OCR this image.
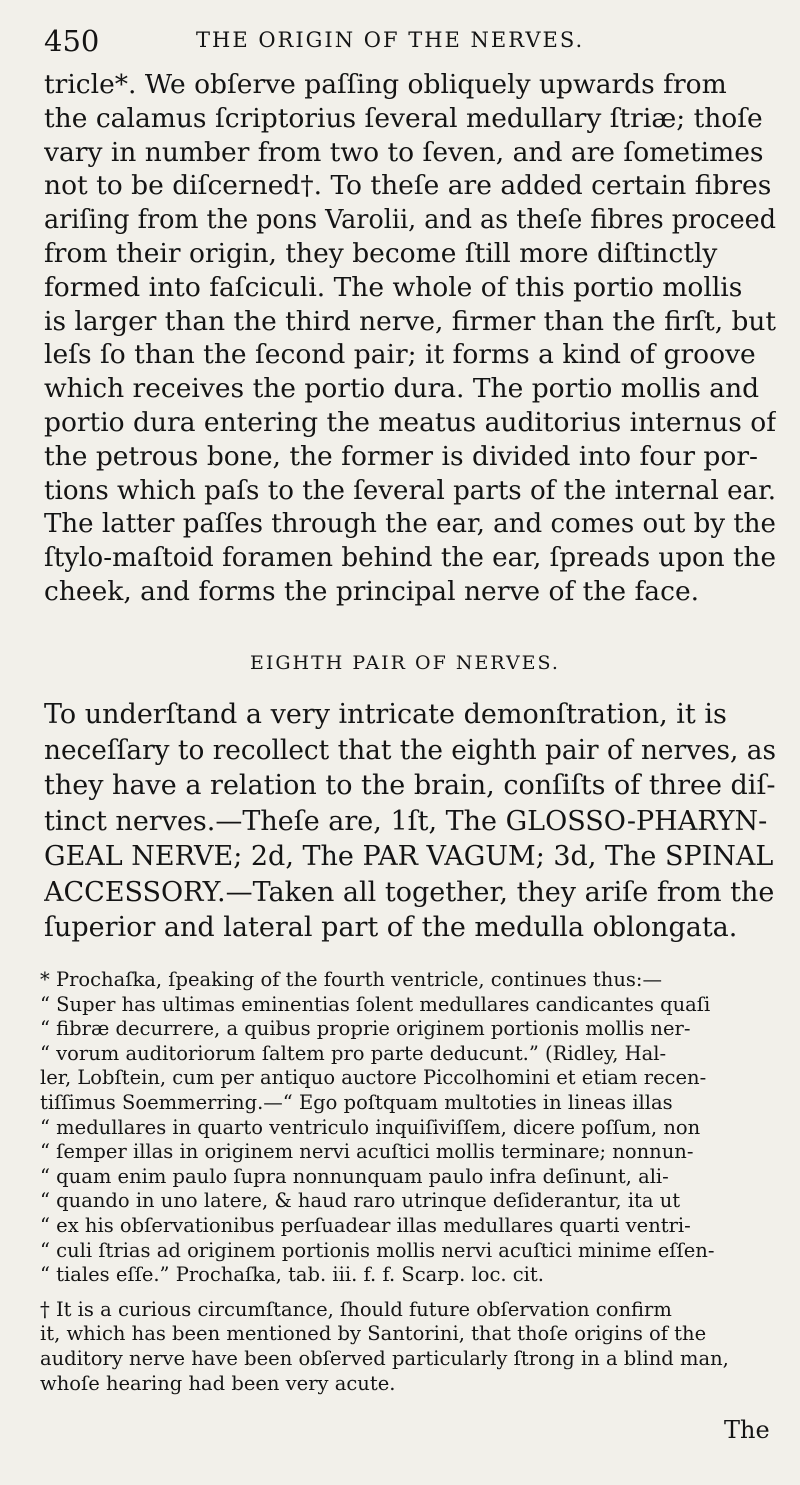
450	THE ORIGIN OF THE NERVES.
tricle*. We obſerve paſſing obliquely upwards from
the calamus ſcriptorius ſeveral medullary ſtriæ; thoſe
vary in number from two to ſeven, and are ſometimes
not to be diſcerned†. To theſe are added certain fibres
ariſing from the pons Varolii, and as theſe fibres proceed
from their origin, they become ſtill more diſtinctly
formed into faſciculi. The whole of this portio mollis
is larger than the third nerve, firmer than the firſt, but
leſs ſo than the ſecond pair; it forms a kind of groove
which receives the portio dura. The portio mollis and
portio dura entering the meatus auditorius internus of
the petrous bone, the former is divided into four por-
tions which paſs to the ſeveral parts of the internal ear.
The latter paſſes through the ear, and comes out by the
ſtylo-maſtoid foramen behind the ear, ſpreads upon the
cheek, and forms the principal nerve of the face.
EIGHTH PAIR OF NERVES.
To underſtand a very intricate demonſtration, it is
neceſſary to recollect that the eighth pair of nerves, as
they have a relation to the brain, conſiſts of three diſ-
tinct nerves.—Theſe are, 1ſt, The GLOSSO-PHARYN-
GEAL NERVE; 2d, The PAR VAGUM; 3d, The SPINAL
ACCESSORY.—Taken all together, they ariſe from the
ſuperior and lateral part of the medulla oblongata.
* Prochaſka, ſpeaking of the fourth ventricle, continues thus:—
“ Super has ultimas eminentias ſolent medullares candicantes quaſi
“ fibræ decurrere, a quibus proprie originem portionis mollis ner-
“ vorum auditoriorum ſaltem pro parte deducunt.” (Ridley, Hal-
ler, Lobſtein, cum per antiquo auctore Piccolhomini et etiam recen-
tiſſimus Soemmerring.—“ Ego poſtquam multoties in lineas illas
“ medullares in quarto ventriculo inquiſiviſſem, dicere poſſum, non
“ ſemper illas in originem nervi acuſtici mollis terminare; nonnun-
“ quam enim paulo ſupra nonnunquam paulo infra deſinunt, ali-
“ quando in uno latere, & haud raro utrinque deſiderantur, ita ut
“ ex his obſervationibus perſuadear illas medullares quarti ventri-
“ culi ſtrias ad originem portionis mollis nervi acuſtici minime eſſen-
“ tiales eſſe.” Prochaſka, tab. iii. f. f. Scarp. loc. cit.
† It is a curious circumſtance, ſhould future obſervation confirm
it, which has been mentioned by Santorini, that thoſe origins of the
auditory nerve have been obſerved particularly ſtrong in a blind man,
whoſe hearing had been very acute.
The
